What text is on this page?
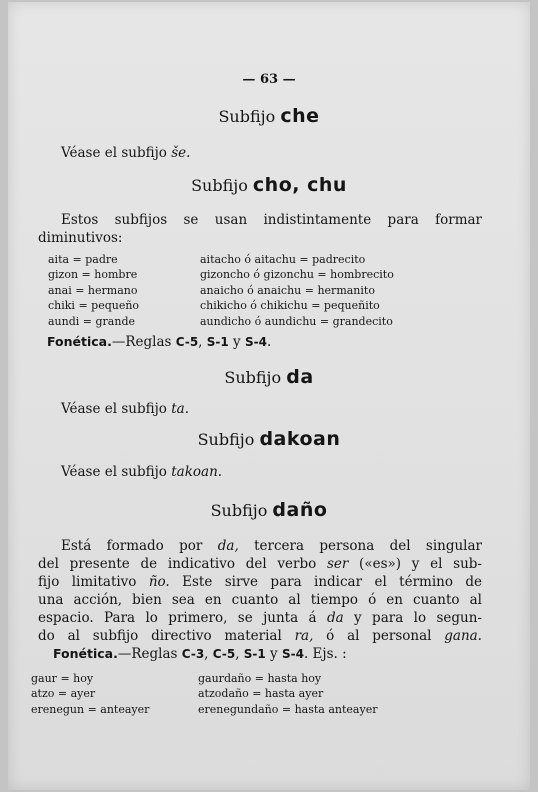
— 63 —
Subfijo che
Véase el subfijo še.
Subfijo cho, chu
Estos subfijos se usan indistintamente para formar
diminutivos:
aita = padre
gizon = hombre
anai = hermano
chiki = pequeño
aundi = grande
aitacho ó aitachu = padrecito
gizoncho ó gizonchu = hombrecito
anaicho ó anaichu = hermanito
chikicho ó chikichu = pequeñito
aundicho ó aundichu = grandecito
Fonética.—Reglas C-5, S-1 y S-4.
Subfijo da
Véase el subfijo ta.
Subfijo dakoan
Véase el subfijo takoan.
Subfijo daño
Está formado por da, tercera persona del singular
del presente de indicativo del verbo ser («es») y el sub-
fijo limitativo ño. Este sirve para indicar el término de
una acción, bien sea en cuanto al tiempo ó en cuanto al
espacio. Para lo primero, se junta á da y para lo segun-
do al subfijo directivo material ra, ó al personal gana.
Fonética.—Reglas C-3, C-5, S-1 y S-4. Ejs. :
gaur = hoy
atzo = ayer
erenegun = anteayer
gaurdaño = hasta hoy
atzodaño = hasta ayer
erenegundaño = hasta anteayer
